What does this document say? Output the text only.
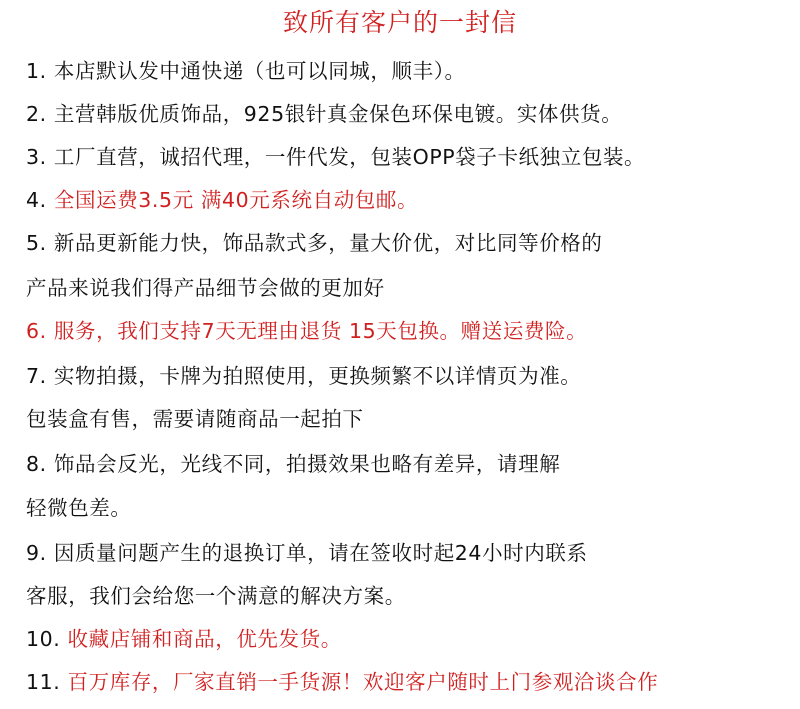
致所有客户的一封信
1. 本店默认发中通快递（也可以同城，顺丰）。
2. 主营韩版优质饰品，925银针真金保色环保电镀。实体供货。
3. 工厂直营，诚招代理，一件代发，包装OPP袋子卡纸独立包装。
4. 全国运费3.5元 满40元系统自动包邮。
5. 新品更新能力快，饰品款式多，量大价优，对比同等价格的
产品来说我们得产品细节会做的更加好
6. 服务，我们支持7天无理由退货 15天包换。赠送运费险。
7. 实物拍摄，卡牌为拍照使用，更换频繁不以详情页为准。
包装盒有售，需要请随商品一起拍下
8. 饰品会反光，光线不同，拍摄效果也略有差异，请理解
轻微色差。
9. 因质量问题产生的退换订单，请在签收时起24小时内联系
客服，我们会给您一个满意的解决方案。
10. 收藏店铺和商品，优先发货。
11. 百万库存，厂家直销一手货源！欢迎客户随时上门参观洽谈合作
